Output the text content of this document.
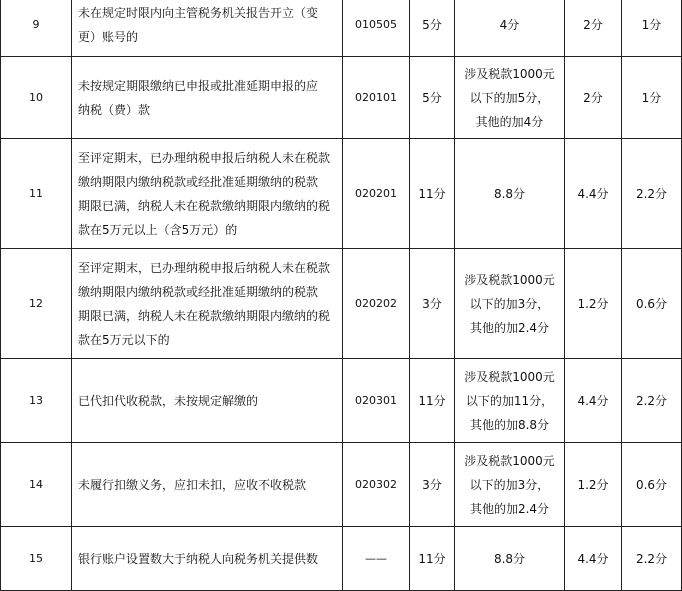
9	未在规定时限内向主管税务机关报告开立（变
更）账号的	010505	5分	4分	2分	1分
10	未按规定期限缴纳已申报或批准延期申报的应
纳税（费）款	020101	5分	涉及税款1000元
以下的加5分，
其他的加4分	2分	1分
11	至评定期末，已办理纳税申报后纳税人未在税款
缴纳期限内缴纳税款或经批准延期缴纳的税款
期限已满，纳税人未在税款缴纳期限内缴纳的税
款在5万元以上（含5万元）的	020201	11分	8.8分	4.4分	2.2分
12	至评定期末，已办理纳税申报后纳税人未在税款
缴纳期限内缴纳税款或经批准延期缴纳的税款
期限已满，纳税人未在税款缴纳期限内缴纳的税
款在5万元以下的	020202	3分	涉及税款1000元
以下的加3分，
其他的加2.4分	1.2分	0.6分
13	已代扣代收税款，未按规定解缴的	020301	11分	涉及税款1000元
以下的加11分，
其他的加8.8分	4.4分	2.2分
14	未履行扣缴义务，应扣未扣，应收不收税款	020302	3分	涉及税款1000元
以下的加3分，
其他的加2.4分	1.2分	0.6分
15	银行账户设置数大于纳税人向税务机关提供数	——	11分	8.8分	4.4分	2.2分
